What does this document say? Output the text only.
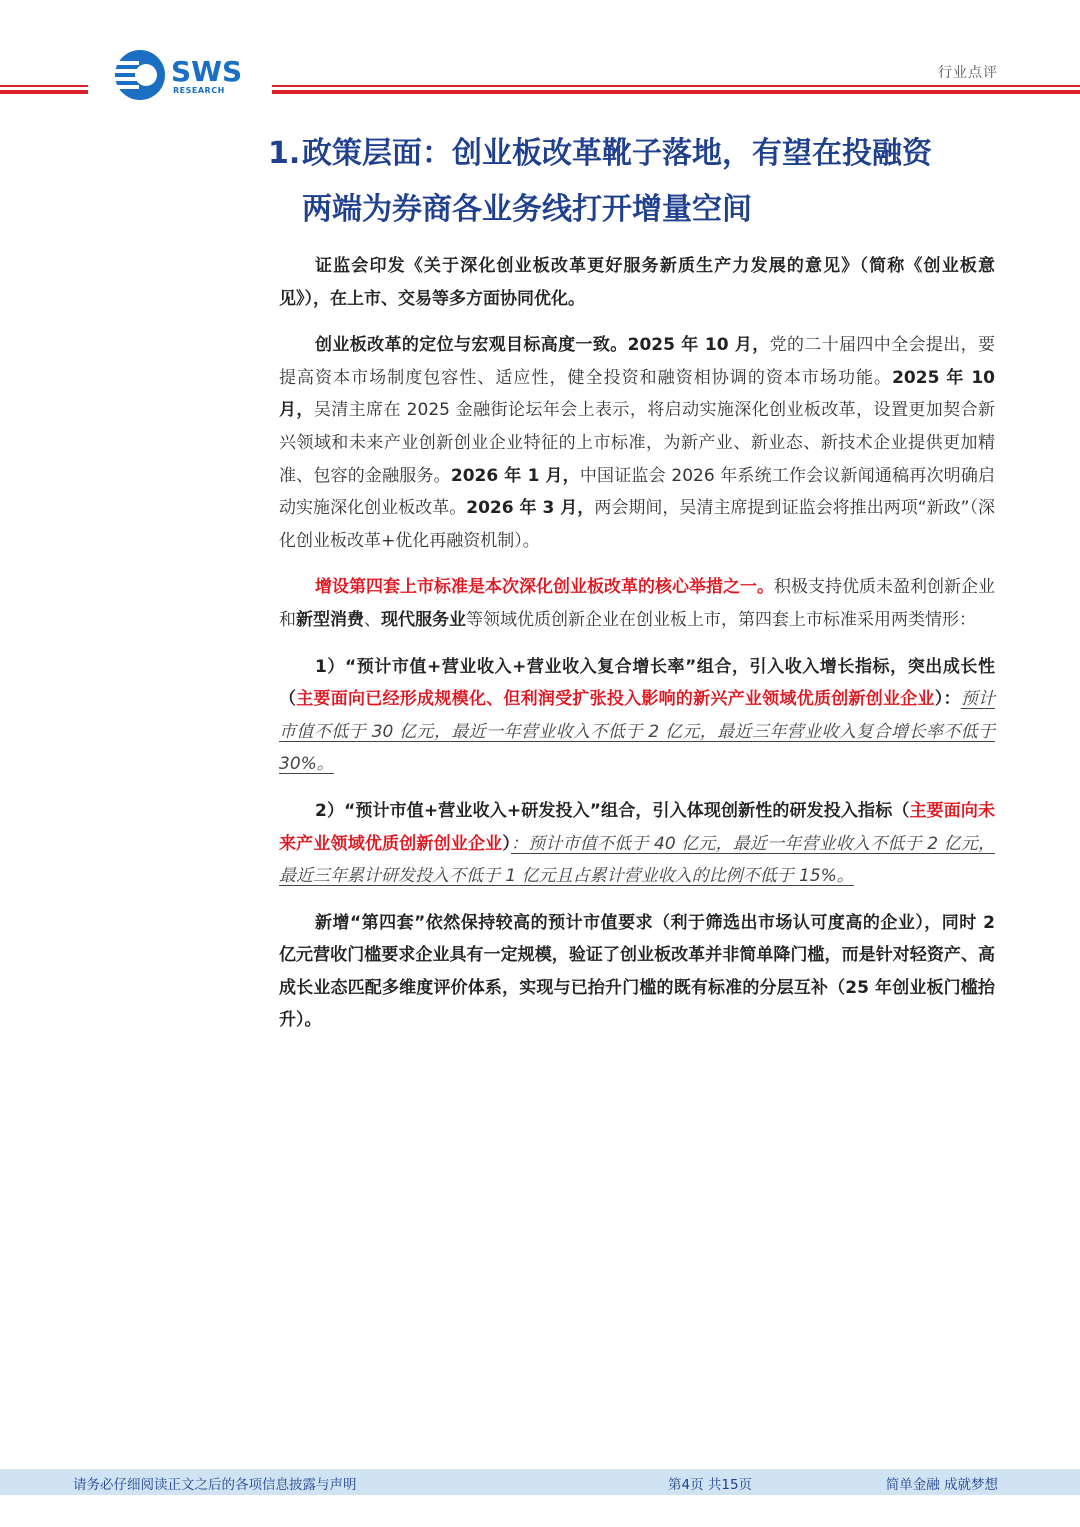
SWS
RESEARCH
行业点评
1.政策层面：创业板改革靴子落地，有望在投融资
两端为券商各业务线打开增量空间

证监会印发《关于深化创业板改革更好服务新质生产力发展的意见》（简称《创业板意见》），在上市、交易等多方面协同优化。

创业板改革的定位与宏观目标高度一致。2025 年 10 月，党的二十届四中全会提出，要提高资本市场制度包容性、适应性，健全投资和融资相协调的资本市场功能。2025 年 10 月，吴清主席在 2025 金融街论坛年会上表示，将启动实施深化创业板改革，设置更加契合新兴领域和未来产业创新创业企业特征的上市标准，为新产业、新业态、新技术企业提供更加精准、包容的金融服务。2026 年 1 月，中国证监会 2026 年系统工作会议新闻通稿再次明确启动实施深化创业板改革。2026 年 3 月，两会期间，吴清主席提到证监会将推出两项“新政”（深化创业板改革+优化再融资机制）。

增设第四套上市标准是本次深化创业板改革的核心举措之一。积极支持优质未盈利创新企业和新型消费、现代服务业等领域优质创新企业在创业板上市，第四套上市标准采用两类情形：

1）“预计市值+营业收入+营业收入复合增长率”组合，引入收入增长指标，突出成长性（主要面向已经形成规模化、但利润受扩张投入影响的新兴产业领域优质创新创业企业）：预计市值不低于 30 亿元，最近一年营业收入不低于 2 亿元，最近三年营业收入复合增长率不低于 30%。

2）“预计市值+营业收入+研发投入”组合，引入体现创新性的研发投入指标（主要面向未来产业领域优质创新创业企业）：预计市值不低于 40 亿元，最近一年营业收入不低于 2 亿元，最近三年累计研发投入不低于 1 亿元且占累计营业收入的比例不低于 15%。

新增“第四套”依然保持较高的预计市值要求（利于筛选出市场认可度高的企业），同时 2 亿元营收门槛要求企业具有一定规模，验证了创业板改革并非简单降门槛，而是针对轻资产、高成长业态匹配多维度评价体系，实现与已抬升门槛的既有标准的分层互补（25 年创业板门槛抬升）。

请务必仔细阅读正文之后的各项信息披露与声明	第4页 共15页	简单金融 成就梦想
